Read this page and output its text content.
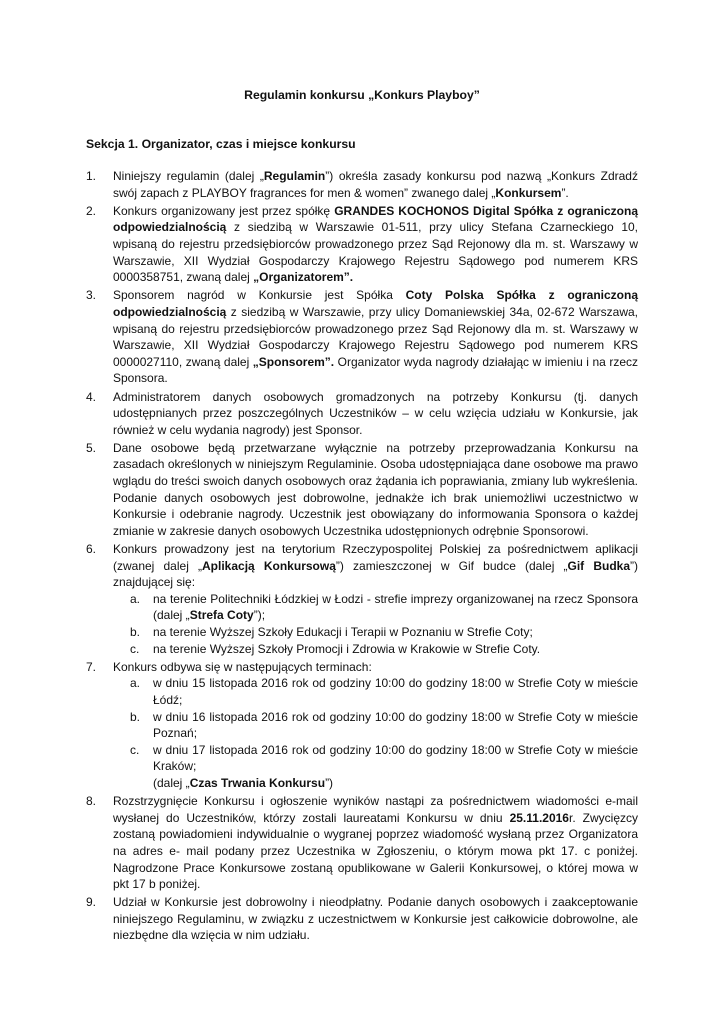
Regulamin konkursu „Konkurs Playboy”
Sekcja 1. Organizator, czas i miejsce konkursu
1. Niniejszy regulamin (dalej „Regulamin”) określa zasady konkursu pod nazwą „Konkurs Zdradź swój zapach z PLAYBOY fragrances for men & women” zwanego dalej „Konkursem”.
2. Konkurs organizowany jest przez spółkę GRANDES KOCHONOS Digital Spółka z ograniczoną odpowiedzialnością z siedzibą w Warszawie 01-511, przy ulicy Stefana Czarneckiego 10, wpisaną do rejestru przedsiębiorców prowadzonego przez Sąd Rejonowy dla m. st. Warszawy w Warszawie, XII Wydział Gospodarczy Krajowego Rejestru Sądowego pod numerem KRS 0000358751, zwaną dalej „Organizatorem”.
3. Sponsorem nagród w Konkursie jest Spółka Coty Polska Spółka z ograniczoną odpowiedzialnością z siedzibą w Warszawie, przy ulicy Domaniewskiej 34a, 02-672 Warszawa, wpisaną do rejestru przedsiębiorców prowadzonego przez Sąd Rejonowy dla m. st. Warszawy w Warszawie, XII Wydział Gospodarczy Krajowego Rejestru Sądowego pod numerem KRS 0000027110, zwaną dalej „Sponsorem”. Organizator wyda nagrody działając w imieniu i na rzecz Sponsora.
4. Administratorem danych osobowych gromadzonych na potrzeby Konkursu (tj. danych udostępnianych przez poszczególnych Uczestników – w celu wzięcia udziału w Konkursie, jak również w celu wydania nagrody) jest Sponsor.
5. Dane osobowe będą przetwarzane wyłącznie na potrzeby przeprowadzania Konkursu na zasadach określonych w niniejszym Regulaminie. Osoba udostępniająca dane osobowe ma prawo wglądu do treści swoich danych osobowych oraz żądania ich poprawiania, zmiany lub wykreślenia. Podanie danych osobowych jest dobrowolne, jednakże ich brak uniemożliwi uczestnictwo w Konkursie i odebranie nagrody. Uczestnik jest obowiązany do informowania Sponsora o każdej zmianie w zakresie danych osobowych Uczestnika udostępnionych odrębnie Sponsorowi.
6. Konkurs prowadzony jest na terytorium Rzeczypospolitej Polskiej za pośrednictwem aplikacji (zwanej dalej „Aplikacją Konkursową”) zamieszczonej w Gif budce (dalej „Gif Budka”) znajdującej się:
a. na terenie Politechniki Łódzkiej w Łodzi - strefie imprezy organizowanej na rzecz Sponsora (dalej „Strefa Coty”);
b. na terenie Wyższej Szkoły Edukacji i Terapii w Poznaniu w Strefie Coty;
c. na terenie Wyższej Szkoły Promocji i Zdrowia w Krakowie w Strefie Coty.
7. Konkurs odbywa się w następujących terminach:
a. w dniu 15 listopada 2016 rok od godziny 10:00 do godziny 18:00 w Strefie Coty w mieście Łódź;
b. w dniu 16 listopada 2016 rok od godziny 10:00 do godziny 18:00 w Strefie Coty w mieście Poznań;
c. w dniu 17 listopada 2016 rok od godziny 10:00 do godziny 18:00 w Strefie Coty w mieście Kraków;
(dalej „Czas Trwania Konkursu”)
8. Rozstrzygnięcie Konkursu i ogłoszenie wyników nastąpi za pośrednictwem wiadomości e-mail wysłanej do Uczestników, którzy zostali laureatami Konkursu w dniu 25.11.2016r. Zwycięzcy zostaną powiadomieni indywidualnie o wygranej poprzez wiadomość wysłaną przez Organizatora na adres e- mail podany przez Uczestnika w Zgłoszeniu, o którym mowa pkt 17. c poniżej. Nagrodzone Prace Konkursowe zostaną opublikowane w Galerii Konkursowej, o której mowa w pkt 17 b poniżej.
9. Udział w Konkursie jest dobrowolny i nieodpłatny. Podanie danych osobowych i zaakceptowanie niniejszego Regulaminu, w związku z uczestnictwem w Konkursie jest całkowicie dobrowolne, ale niezbędne dla wzięcia w nim udziału.
